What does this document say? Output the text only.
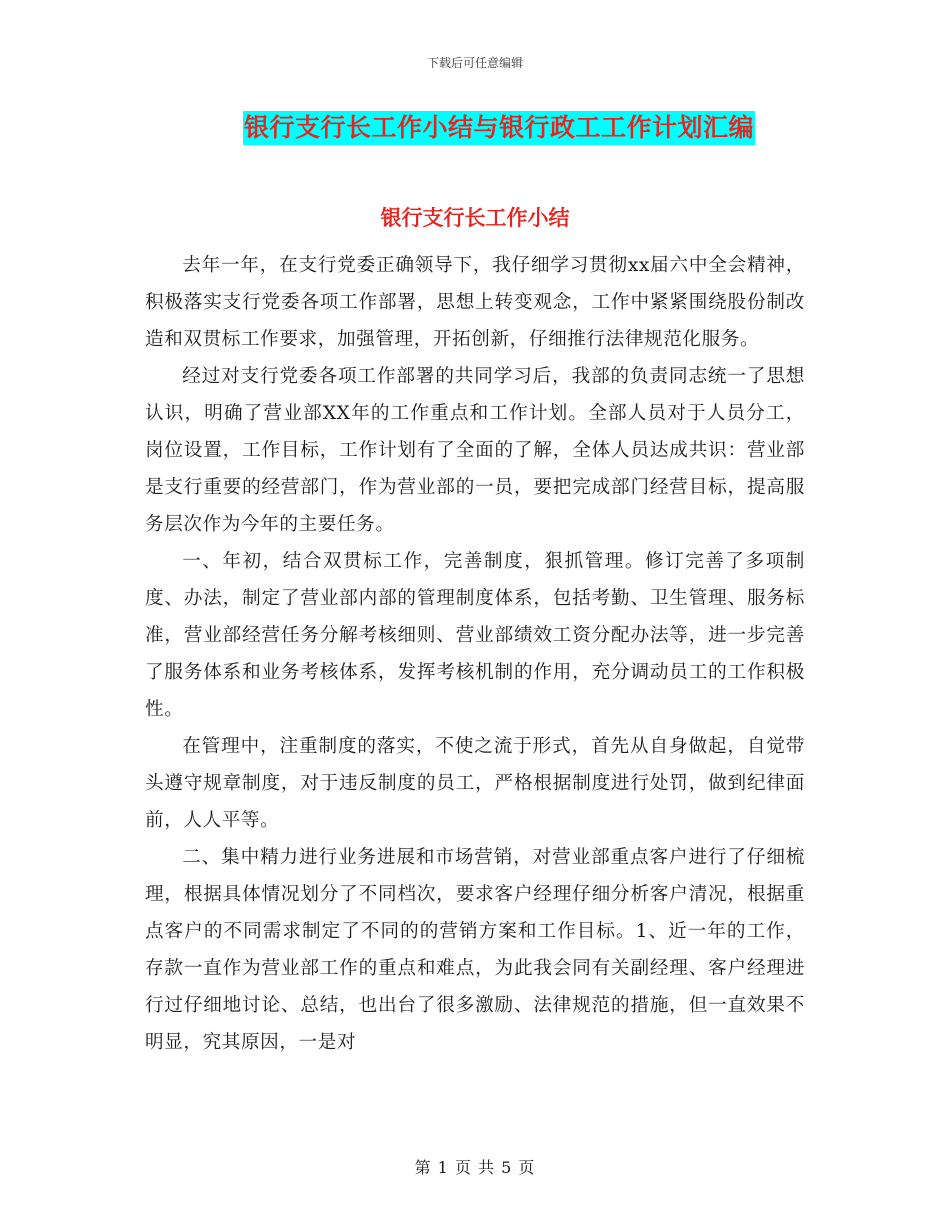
下载后可任意编辑
银行支行长工作小结与银行政工工作计划汇编
银行支行长工作小结

去年一年，在支行党委正确领导下，我仔细学习贯彻xx届六中全会精神，积极落实支行党委各项工作部署，思想上转变观念，工作中紧紧围绕股份制改造和双贯标工作要求，加强管理，开拓创新，仔细推行法律规范化服务。

经过对支行党委各项工作部署的共同学习后，我部的负责同志统一了思想认识，明确了营业部XX年的工作重点和工作计划。全部人员对于人员分工，岗位设置，工作目标，工作计划有了全面的了解，全体人员达成共识：营业部是支行重要的经营部门，作为营业部的一员，要把完成部门经营目标，提高服务层次作为今年的主要任务。

一、年初，结合双贯标工作，完善制度，狠抓管理。修订完善了多项制度、办法，制定了营业部内部的管理制度体系，包括考勤、卫生管理、服务标准，营业部经营任务分解考核细则、营业部绩效工资分配办法等，进一步完善了服务体系和业务考核体系，发挥考核机制的作用，充分调动员工的工作积极性。

在管理中，注重制度的落实，不使之流于形式，首先从自身做起，自觉带头遵守规章制度，对于违反制度的员工，严格根据制度进行处罚，做到纪律面前，人人平等。

二、集中精力进行业务进展和市场营销，对营业部重点客户进行了仔细梳理，根据具体情况划分了不同档次，要求客户经理仔细分析客户清况，根据重点客户的不同需求制定了不同的的营销方案和工作目标。1、近一年的工作，存款一直作为营业部工作的重点和难点，为此我会同有关副经理、客户经理进行过仔细地讨论、总结，也出台了很多激励、法律规范的措施，但一直效果不明显，究其原因，一是对

第 1 页 共 5 页
